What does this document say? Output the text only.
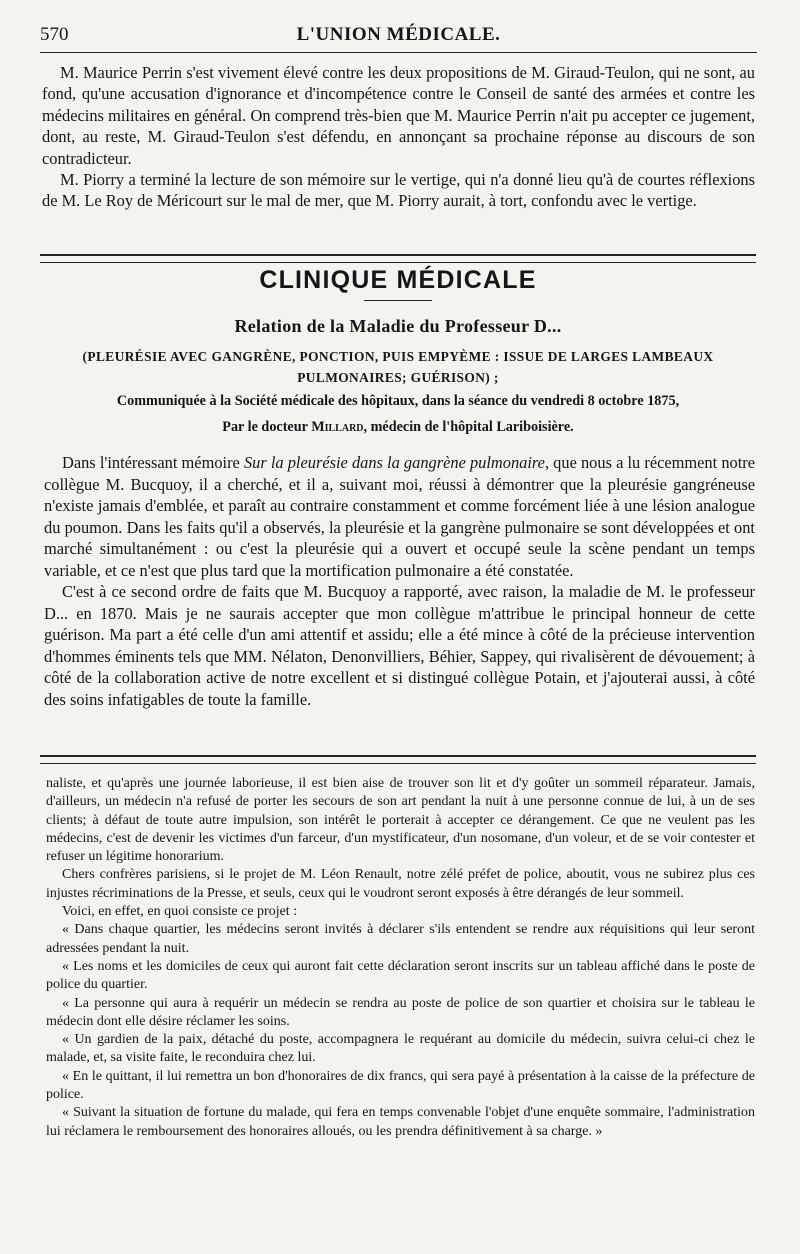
570	L'UNION MÉDICALE.

M. Maurice Perrin s'est vivement élevé contre les deux propositions de M. Giraud-Teulon, qui ne sont, au fond, qu'une accusation d'ignorance et d'incompétence contre le Conseil de santé des armées et contre les médecins militaires en général. On comprend très-bien que M. Maurice Perrin n'ait pu accepter ce jugement, dont, au reste, M. Giraud-Teulon s'est défendu, en annonçant sa prochaine réponse au discours de son contradicteur.

M. Piorry a terminé la lecture de son mémoire sur le vertige, qui n'a donné lieu qu'à de courtes réflexions de M. Le Roy de Méricourt sur le mal de mer, que M. Piorry aurait, à tort, confondu avec le vertige.

CLINIQUE MÉDICALE
Relation de la Maladie du Professeur D...
(PLEURÉSIE AVEC GANGRÈNE, PONCTION, PUIS EMPYÈME : ISSUE DE LARGES LAMBEAUX PULMONAIRES; GUÉRISON) ;
Communiquée à la Société médicale des hôpitaux, dans la séance du vendredi 8 octobre 1875,
Par le docteur Millard, médecin de l'hôpital Lariboisière.

Dans l'intéressant mémoire Sur la pleurésie dans la gangrène pulmonaire, que nous a lu récemment notre collègue M. Bucquoy, il a cherché, et il a, suivant moi, réussi à démontrer que la pleurésie gangréneuse n'existe jamais d'emblée, et paraît au contraire constamment et comme forcément liée à une lésion analogue du poumon. Dans les faits qu'il a observés, la pleurésie et la gangrène pulmonaire se sont développées et ont marché simultanément : ou c'est la pleurésie qui a ouvert et occupé seule la scène pendant un temps variable, et ce n'est que plus tard que la mortification pulmonaire a été constatée.

C'est à ce second ordre de faits que M. Bucquoy a rapporté, avec raison, la maladie de M. le professeur D... en 1870. Mais je ne saurais accepter que mon collègue m'attribue le principal honneur de cette guérison. Ma part a été celle d'un ami attentif et assidu; elle a été mince à côté de la précieuse intervention d'hommes éminents tels que MM. Nélaton, Denonvilliers, Béhier, Sappey, qui rivalisèrent de dévouement; à côté de la collaboration active de notre excellent et si distingué collègue Potain, et j'ajouterai aussi, à côté des soins infatigables de toute la famille.

naliste, et qu'après une journée laborieuse, il est bien aise de trouver son lit et d'y goûter un sommeil réparateur. Jamais, d'ailleurs, un médecin n'a refusé de porter les secours de son art pendant la nuit à une personne connue de lui, à un de ses clients; à défaut de toute autre impulsion, son intérêt le porterait à accepter ce dérangement. Ce que ne veulent pas les médecins, c'est de devenir les victimes d'un farceur, d'un mystificateur, d'un nosomane, d'un voleur, et de se voir contester et refuser un légitime honorarium.

Chers confrères parisiens, si le projet de M. Léon Renault, notre zélé préfet de police, aboutit, vous ne subirez plus ces injustes récriminations de la Presse, et seuls, ceux qui le voudront seront exposés à être dérangés de leur sommeil.

Voici, en effet, en quoi consiste ce projet :

« Dans chaque quartier, les médecins seront invités à déclarer s'ils entendent se rendre aux réquisitions qui leur seront adressées pendant la nuit.

« Les noms et les domiciles de ceux qui auront fait cette déclaration seront inscrits sur un tableau affiché dans le poste de police du quartier.

« La personne qui aura à requérir un médecin se rendra au poste de police de son quartier et choisira sur le tableau le médecin dont elle désire réclamer les soins.

« Un gardien de la paix, détaché du poste, accompagnera le requérant au domicile du médecin, suivra celui-ci chez le malade, et, sa visite faite, le reconduira chez lui.

« En le quittant, il lui remettra un bon d'honoraires de dix francs, qui sera payé à présentation à la caisse de la préfecture de police.

« Suivant la situation de fortune du malade, qui fera en temps convenable l'objet d'une enquête sommaire, l'administration lui réclamera le remboursement des honoraires alloués, ou les prendra définitivement à sa charge. »
